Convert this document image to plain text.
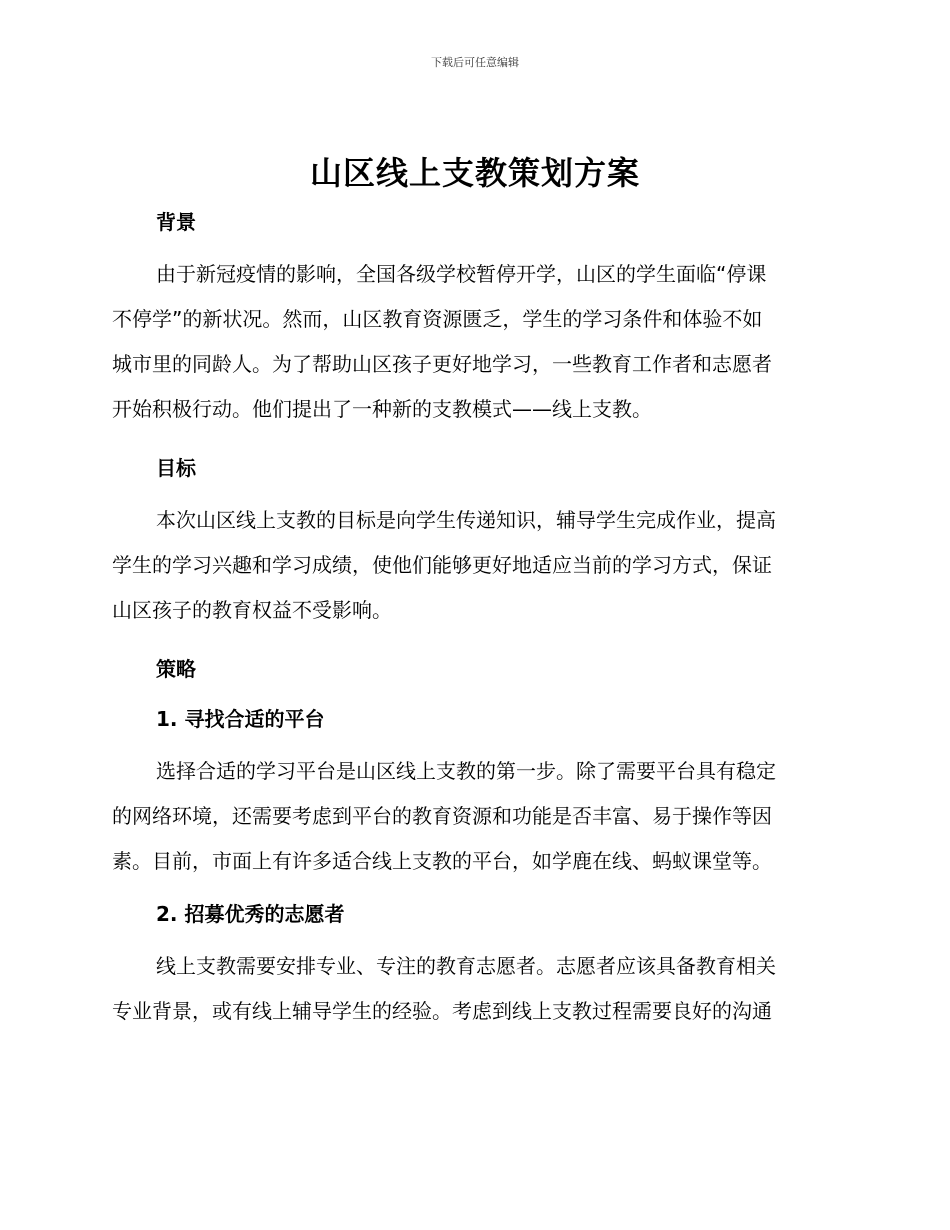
下载后可任意编辑
山区线上支教策划方案

背景

由于新冠疫情的影响，全国各级学校暂停开学，山区的学生面临“停课
不停学”的新状况。然而，山区教育资源匮乏，学生的学习条件和体验不如
城市里的同龄人。为了帮助山区孩子更好地学习，一些教育工作者和志愿者
开始积极行动。他们提出了一种新的支教模式——线上支教。

目标

本次山区线上支教的目标是向学生传递知识，辅导学生完成作业，提高
学生的学习兴趣和学习成绩，使他们能够更好地适应当前的学习方式，保证
山区孩子的教育权益不受影响。

策略

1. 寻找合适的平台

选择合适的学习平台是山区线上支教的第一步。除了需要平台具有稳定
的网络环境，还需要考虑到平台的教育资源和功能是否丰富、易于操作等因
素。目前，市面上有许多适合线上支教的平台，如学鹿在线、蚂蚁课堂等。

2. 招募优秀的志愿者

线上支教需要安排专业、专注的教育志愿者。志愿者应该具备教育相关
专业背景，或有线上辅导学生的经验。考虑到线上支教过程需要良好的沟通
